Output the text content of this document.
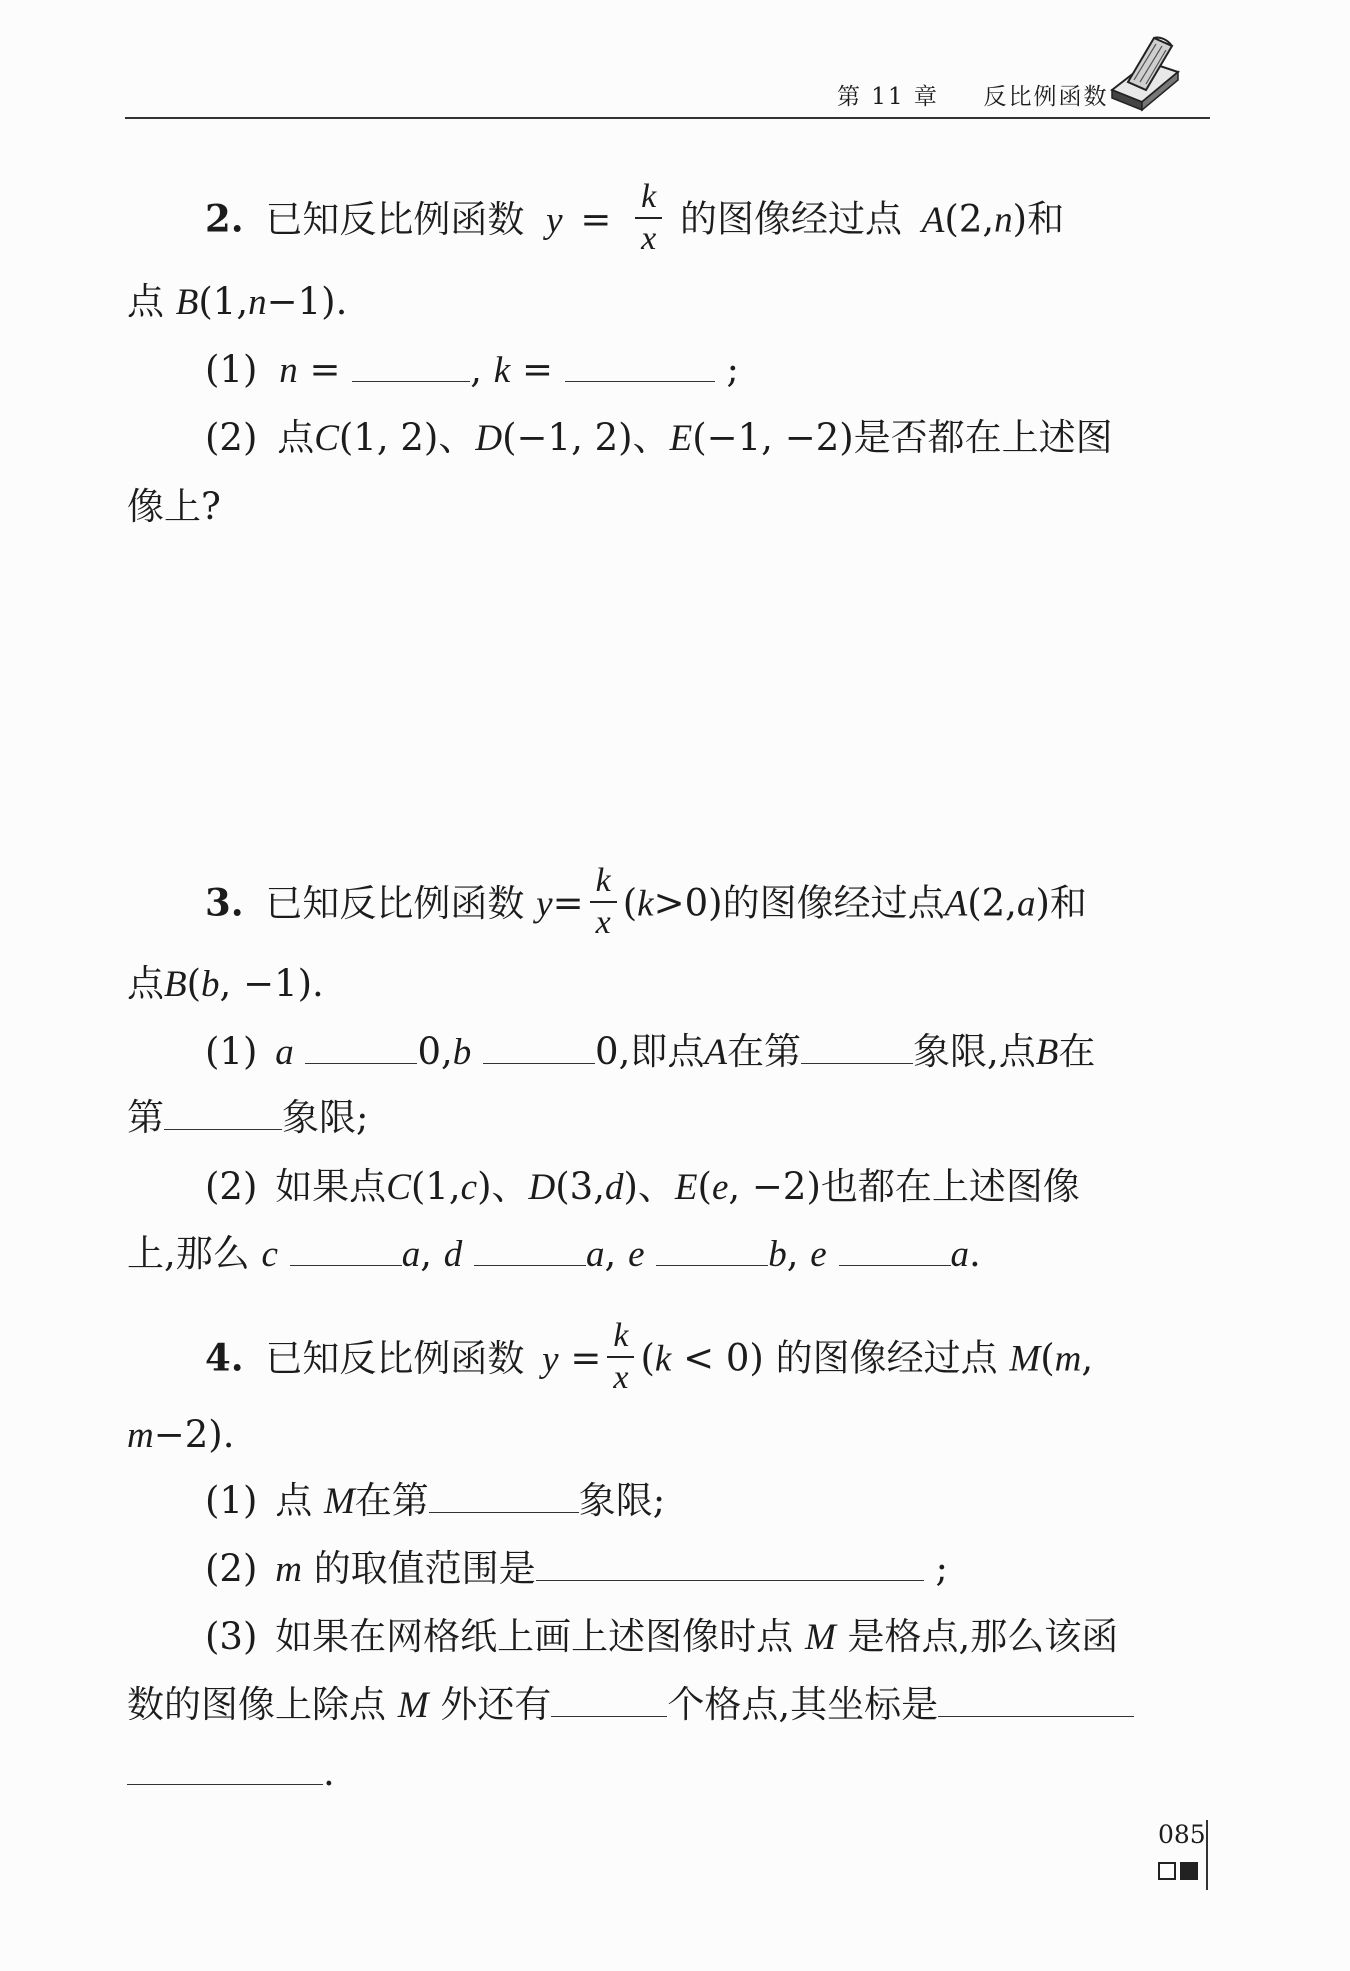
第 11 章 反比例函数
2. 已知反比例函数 $y = \frac{k}{x}$ 的图像经过点 A(2,n)和
点 B(1,n−1).
(1) n =	, k =	;
(2) 点C(1, 2)、D(−1, 2)、E(−1, −2)是否都在上述图
像上?
3. 已知反比例函数 $y= \frac{k}{x} (k>0)$的图像经过点A(2,a)和
点B(b, −1).
(1) a	0,b	0,即点A在第	象限,点B在
第	象限;
(2) 如果点C(1,c)、D(3,d)、E(e, −2)也都在上述图像
上,那么 c	a, d	a, e	b, e	a.
4. 已知反比例函数 $y = \frac{k}{x} (k < 0)$ 的图像经过点 M(m,
m−2).
(1) 点 M在第	象限;
(2) m 的取值范围是	;
(3) 如果在网格纸上画上述图像时点 M 是格点,那么该函
数的图像上除点 M 外还有	个格点,其坐标是
.
085
